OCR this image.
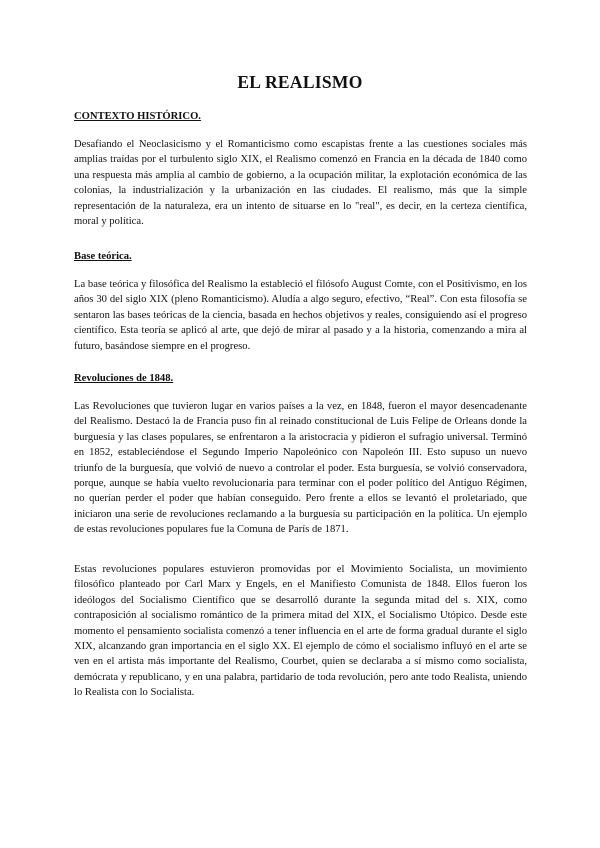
EL REALISMO
CONTEXTO HISTÓRICO.

Desafiando el Neoclasicismo y el Romanticismo como escapistas frente a las cuestiones sociales más amplias traídas por el turbulento siglo XIX, el Realismo comenzó en Francia en la década de 1840 como una respuesta más amplia al cambio de gobierno, a la ocupación militar, la explotación económica de las colonias, la industrialización y la urbanización en las ciudades. El realismo, más que la simple representación de la naturaleza, era un intento de situarse en lo "real", es decir, en la certeza científica, moral y política.

Base teórica.

La base teórica y filosófica del Realismo la estableció el filósofo August Comte, con el Positivismo, en los años 30 del siglo XIX (pleno Romanticismo). Aludía a algo seguro, efectivo, “Real”. Con esta filosofía se sentaron las bases teóricas de la ciencia, basada en hechos objetivos y reales, consiguiendo así el progreso científico. Esta teoría se aplicó al arte, que dejó de mirar al pasado y a la historia, comenzando a mira al futuro, basándose siempre en el progreso.

Revoluciones de 1848.

Las Revoluciones que tuvieron lugar en varios países a la vez, en 1848, fueron el mayor desencadenante del Realismo. Destacó la de Francia puso fin al reinado constitucional de Luis Felipe de Orleans donde la burguesía y las clases populares, se enfrentaron a la aristocracia y pidieron el sufragio universal. Terminó en 1852, estableciéndose el Segundo Imperio Napoleónico con Napoleón III. Esto supuso un nuevo triunfo de la burguesía, que volvió de nuevo a controlar el poder. Esta burguesía, se volvió conservadora, porque, aunque se había vuelto revolucionaria para terminar con el poder político del Antiguo Régimen, no querían perder el poder que habían conseguido. Pero frente a ellos se levantó el proletariado, que iniciaron una serie de revoluciones reclamando a la burguesía su participación en la política. Un ejemplo de estas revoluciones populares fue la Comuna de París de 1871.

Estas revoluciones populares estuvieron promovidas por el Movimiento Socialista, un movimiento filosófico planteado por Carl Marx y Engels, en el Manifiesto Comunista de 1848. Ellos fueron los ideólogos del Socialismo Científico que se desarrolló durante la segunda mitad del s. XIX, como contraposición al socialismo romántico de la primera mitad del XIX, el Socialismo Utópico. Desde este momento el pensamiento socialista comenzó a tener influencia en el arte de forma gradual durante el siglo XIX, alcanzando gran importancia en el siglo XX. El ejemplo de cómo el socialismo influyó en el arte se ven en el artista más importante del Realismo, Courbet, quien se declaraba a sí mismo como socialista, demócrata y republicano, y en una palabra, partidario de toda revolución, pero ante todo Realista, uniendo lo Realista con lo Socialista.
